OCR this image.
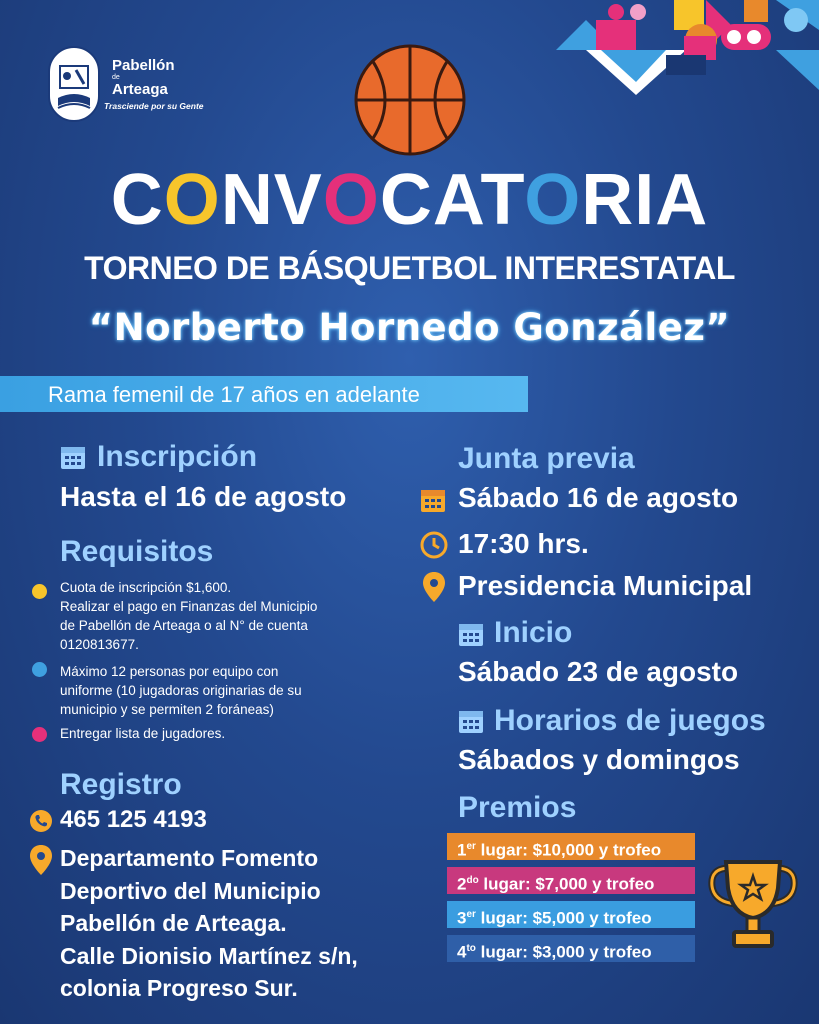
Pabellón
de
Arteaga
Trasciende por su Gente
CONVOCATORIA
TORNEO DE BÁSQUETBOL INTERESTATAL
“Norberto Hornedo González”
Rama femenil de 17 años en adelante
Inscripción
Hasta el 16 de agosto
Requisitos
Cuota de inscripción $1,600.
Realizar el pago en Finanzas del Municipio
de Pabellón de Arteaga o al N° de cuenta
0120813677.
Máximo 12 personas por equipo con
uniforme (10 jugadoras originarias de su
municipio y se permiten 2 foráneas)
Entregar lista de jugadores.
Registro
465 125 4193
Departamento Fomento
Deportivo del Municipio
Pabellón de Arteaga.
Calle Dionisio Martínez s/n,
colonia Progreso Sur.
Junta previa
Sábado 16 de agosto
17:30 hrs.
Presidencia Municipal
Inicio
Sábado 23 de agosto
Horarios de juegos
Sábados y domingos
Premios
1er lugar: $10,000 y trofeo
$2^{do}$ lugar: $7,000 y trofeo
3er lugar: $5,000 y trofeo
$4^{to}$ lugar: $3,000 y trofeo
